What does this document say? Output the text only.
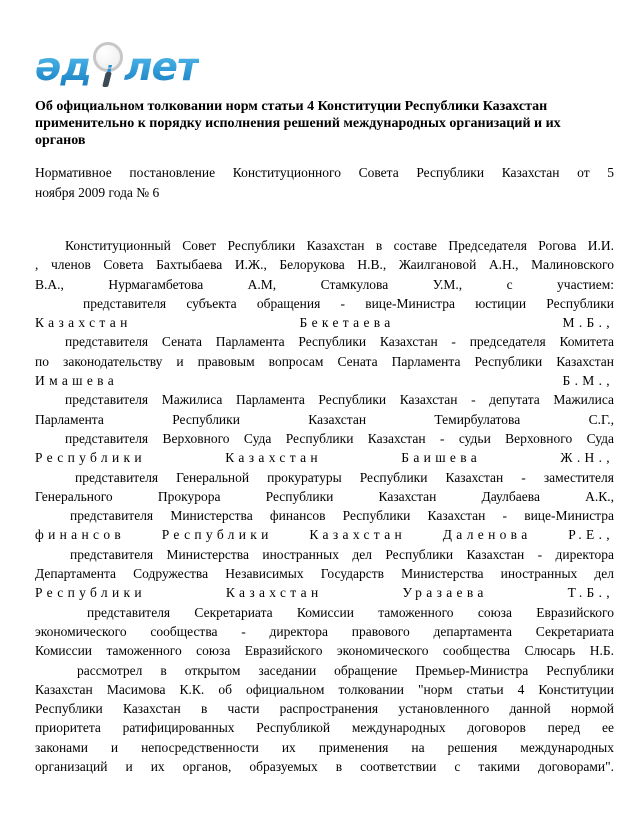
әд лет
Об официальном толковании норм статьи 4 Конституции Республики Казахстан
применительно к порядку исполнения решений международных организаций и их
органов
Нормативное постановление Конституционного Совета Республики Казахстан от 5
ноября 2009 года № 6
Конституционный Совет Республики Казахстан в составе Председателя Рогова И.И.
, членов Совета Бахтыбаева И.Ж., Белорукова Н.В., Жаилгановой А.Н., Малиновского
В.А., Нурмагамбетова А.М, Стамкулова У.М., с участием:
представителя субъекта обращения - вице-Министра юстиции Республики
Казахстан Бекетаева М.Б.,
представителя Сената Парламента Республики Казахстан - председателя Комитета
по законодательству и правовым вопросам Сената Парламента Республики Казахстан
Имашева Б.М.,
представителя Мажилиса Парламента Республики Казахстан - депутата Мажилиса
Парламента Республики Казахстан Темирбулатова С.Г.,
представителя Верховного Суда Республики Казахстан - судьи Верховного Суда
Республики Казахстан Баишева Ж.Н.,
представителя Генеральной прокуратуры Республики Казахстан - заместителя
Генерального Прокурора Республики Казахстан Даулбаева А.К.,
представителя Министерства финансов Республики Казахстан - вице-Министра
финансов Республики Казахстан Даленова Р.Е.,
представителя Министерства иностранных дел Республики Казахстан - директора
Департамента Содружества Независимых Государств Министерства иностранных дел
Республики Казахстан Уразаева Т.Б.,
представителя Секретариата Комиссии таможенного союза Евразийского
экономического сообщества - директора правового департамента Секретариата
Комиссии таможенного союза Евразийского экономического сообщества Слюсарь Н.Б.
рассмотрел в открытом заседании обращение Премьер-Министра Республики
Казахстан Масимова К.К. об официальном толковании "норм статьи 4 Конституции
Республики Казахстан в части распространения установленного данной нормой
приоритета ратифицированных Республикой международных договоров перед ее
законами и непосредственности их применения на решения международных
организаций и их органов, образуемых в соответствии с такими договорами".
